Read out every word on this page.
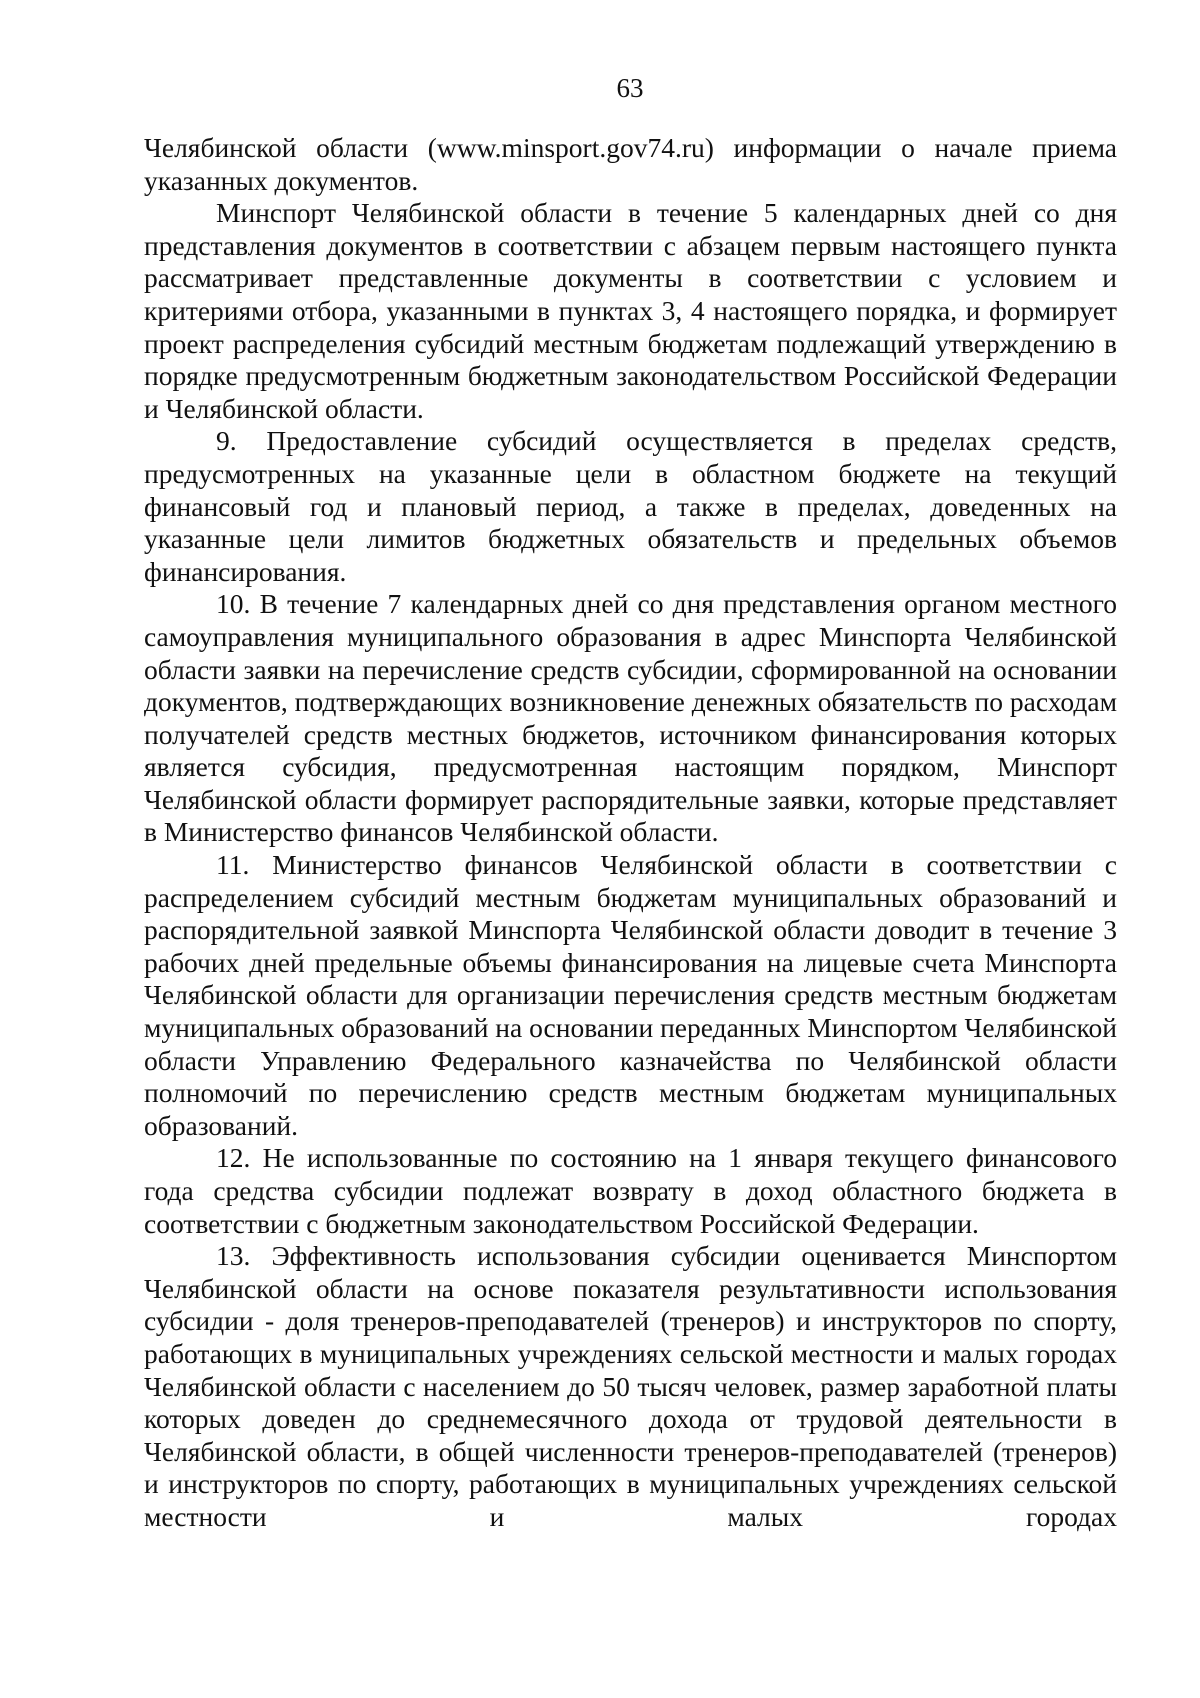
63

Челябинской области (www.minsport.gov74.ru) информации о начале приема указанных документов.

Минспорт Челябинской области в течение 5 календарных дней со дня представления документов в соответствии с абзацем первым настоящего пункта рассматривает представленные документы в соответствии с условием и критериями отбора, указанными в пунктах 3, 4 настоящего порядка, и формирует проект распределения субсидий местным бюджетам подлежащий утверждению в порядке предусмотренным бюджетным законодательством Российской Федерации и Челябинской области.

9. Предоставление субсидий осуществляется в пределах средств, предусмотренных на указанные цели в областном бюджете на текущий финансовый год и плановый период, а также в пределах, доведенных на указанные цели лимитов бюджетных обязательств и предельных объемов финансирования.

10. В течение 7 календарных дней со дня представления органом местного самоуправления муниципального образования в адрес Минспорта Челябинской области заявки на перечисление средств субсидии, сформированной на основании документов, подтверждающих возникновение денежных обязательств по расходам получателей средств местных бюджетов, источником финансирования которых является субсидия, предусмотренная настоящим порядком, Минспорт Челябинской области формирует распорядительные заявки, которые представляет в Министерство финансов Челябинской области.

11. Министерство финансов Челябинской области в соответствии с распределением субсидий местным бюджетам муниципальных образований и распорядительной заявкой Минспорта Челябинской области доводит в течение 3 рабочих дней предельные объемы финансирования на лицевые счета Минспорта Челябинской области для организации перечисления средств местным бюджетам муниципальных образований на основании переданных Минспортом Челябинской области Управлению Федерального казначейства по Челябинской области полномочий по перечислению средств местным бюджетам муниципальных образований.

12. Не использованные по состоянию на 1 января текущего финансового года средства субсидии подлежат возврату в доход областного бюджета в соответствии с бюджетным законодательством Российской Федерации.

13. Эффективность использования субсидии оценивается Минспортом Челябинской области на основе показателя результативности использования субсидии - доля тренеров-преподавателей (тренеров) и инструкторов по спорту, работающих в муниципальных учреждениях сельской местности и малых городах Челябинской области с населением до 50 тысяч человек, размер заработной платы которых доведен до среднемесячного дохода от трудовой деятельности в Челябинской области, в общей численности тренеров-преподавателей (тренеров) и инструкторов по спорту, работающих в муниципальных учреждениях сельской местности и малых городах
